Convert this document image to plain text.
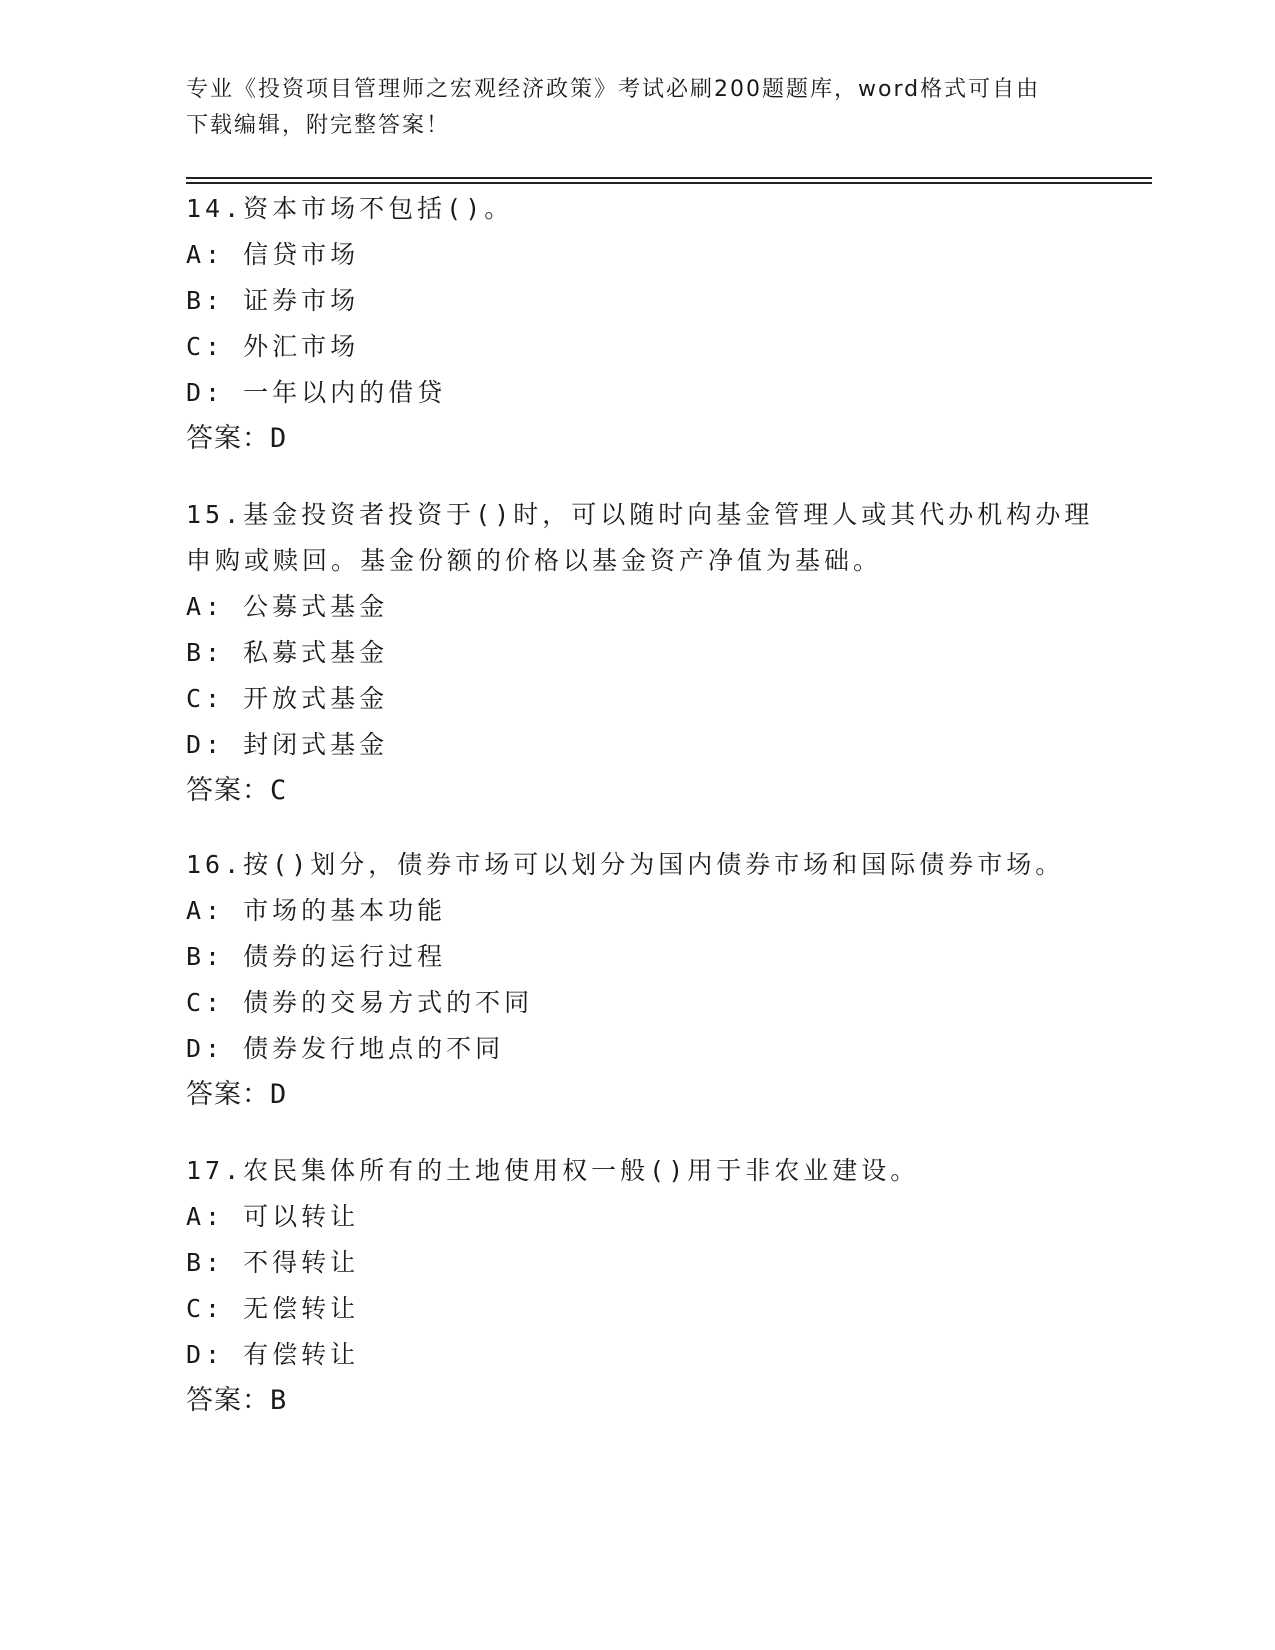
专业《投资项目管理师之宏观经济政策》考试必刷200题题库，word格式可自由
下载编辑，附完整答案！
14.资本市场不包括()。
A: 信贷市场
B: 证券市场
C: 外汇市场
D: 一年以内的借贷
答案：D
15.基金投资者投资于()时，可以随时向基金管理人或其代办机构办理
申购或赎回。基金份额的价格以基金资产净值为基础。
A: 公募式基金
B: 私募式基金
C: 开放式基金
D: 封闭式基金
答案：C
16.按()划分，债券市场可以划分为国内债券市场和国际债券市场。
A: 市场的基本功能
B: 债券的运行过程
C: 债券的交易方式的不同
D: 债券发行地点的不同
答案：D
17.农民集体所有的土地使用权一般()用于非农业建设。
A: 可以转让
B: 不得转让
C: 无偿转让
D: 有偿转让
答案：B
